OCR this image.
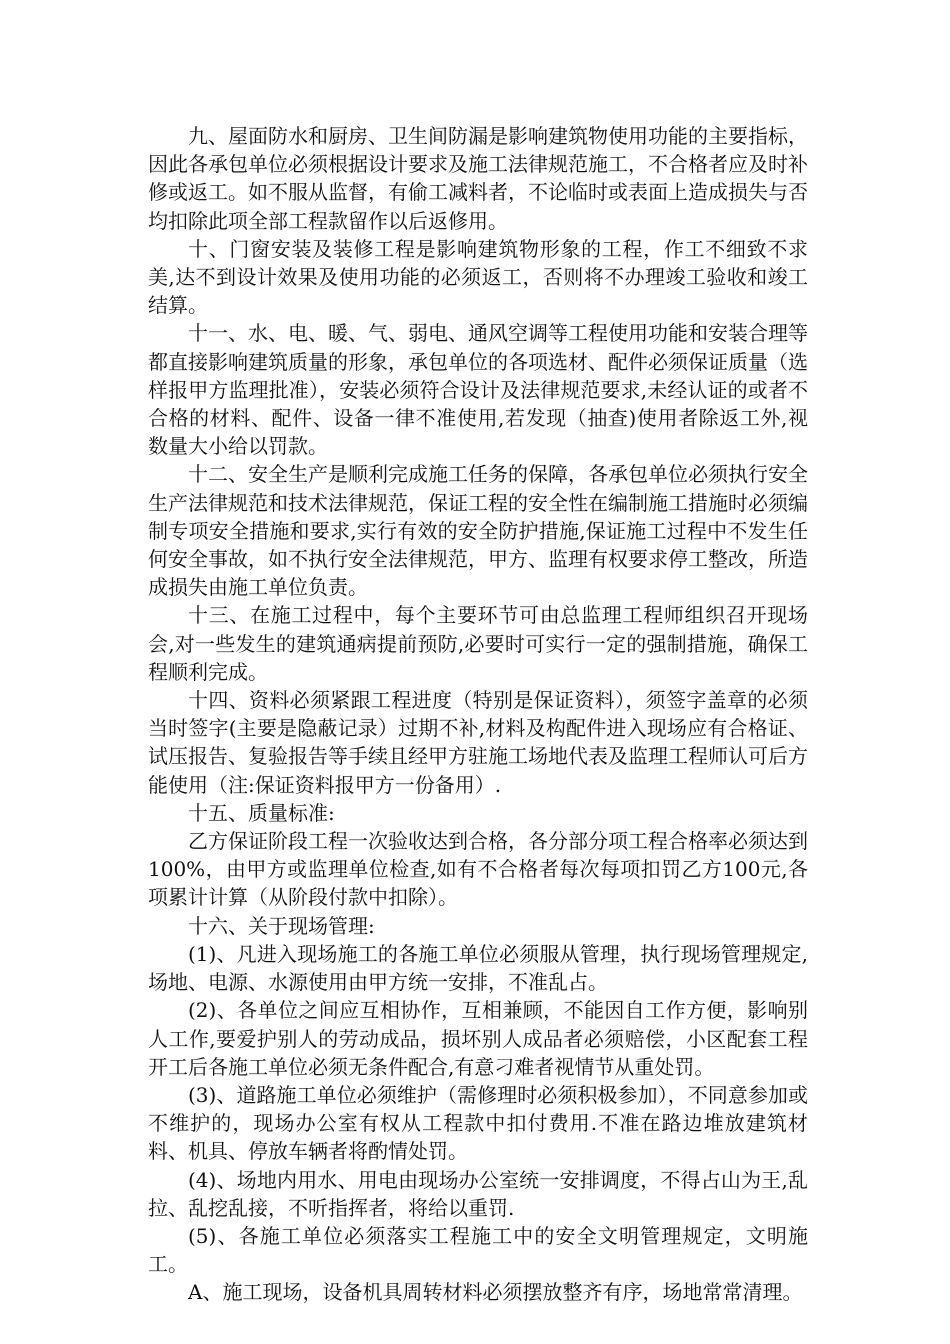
九、屋面防水和厨房、卫生间防漏是影响建筑物使用功能的主要指标，因此各承包单位必须根据设计要求及施工法律规范施工，不合格者应及时补修或返工。如不服从监督，有偷工减料者，不论临时或表面上造成损失与否均扣除此项全部工程款留作以后返修用。

十、门窗安装及装修工程是影响建筑物形象的工程，作工不细致不求美,达不到设计效果及使用功能的必须返工，否则将不办理竣工验收和竣工结算。

十一、水、电、暖、气、弱电、通风空调等工程使用功能和安装合理等都直接影响建筑质量的形象，承包单位的各项选材、配件必须保证质量（选样报甲方监理批准），安装必须符合设计及法律规范要求,未经认证的或者不合格的材料、配件、设备一律不准使用,若发现（抽查)使用者除返工外,视数量大小给以罚款。

十二、安全生产是顺利完成施工任务的保障，各承包单位必须执行安全生产法律规范和技术法律规范，保证工程的安全性在编制施工措施时必须编制专项安全措施和要求,实行有效的安全防护措施,保证施工过程中不发生任何安全事故，如不执行安全法律规范，甲方、监理有权要求停工整改，所造成损失由施工单位负责。

十三、在施工过程中，每个主要环节可由总监理工程师组织召开现场会,对一些发生的建筑通病提前预防,必要时可实行一定的强制措施，确保工程顺利完成。

十四、资料必须紧跟工程进度（特别是保证资料），须签字盖章的必须当时签字(主要是隐蔽记录）过期不补,材料及构配件进入现场应有合格证、试压报告、复验报告等手续且经甲方驻施工场地代表及监理工程师认可后方能使用（注:保证资料报甲方一份备用）.

十五、质量标准:

乙方保证阶段工程一次验收达到合格，各分部分项工程合格率必须达到100%，由甲方或监理单位检查,如有不合格者每次每项扣罚乙方100元,各项累计计算（从阶段付款中扣除）。

十六、关于现场管理:

(1)、凡进入现场施工的各施工单位必须服从管理，执行现场管理规定,场地、电源、水源使用由甲方统一安排，不准乱占。

(2)、各单位之间应互相协作，互相兼顾，不能因自工作方便，影响别人工作,要爱护别人的劳动成品，损坏别人成品者必须赔偿，小区配套工程开工后各施工单位必须无条件配合,有意刁难者视情节从重处罚。

(3)、道路施工单位必须维护（需修理时必须积极参加），不同意参加或不维护的，现场办公室有权从工程款中扣付费用.不准在路边堆放建筑材料、机具、停放车辆者将酌情处罚。

(4)、场地内用水、用电由现场办公室统一安排调度，不得占山为王,乱拉、乱挖乱接，不听指挥者，将给以重罚.

(5)、各施工单位必须落实工程施工中的安全文明管理规定，文明施工。

A、施工现场，设备机具周转材料必须摆放整齐有序，场地常常清理。
